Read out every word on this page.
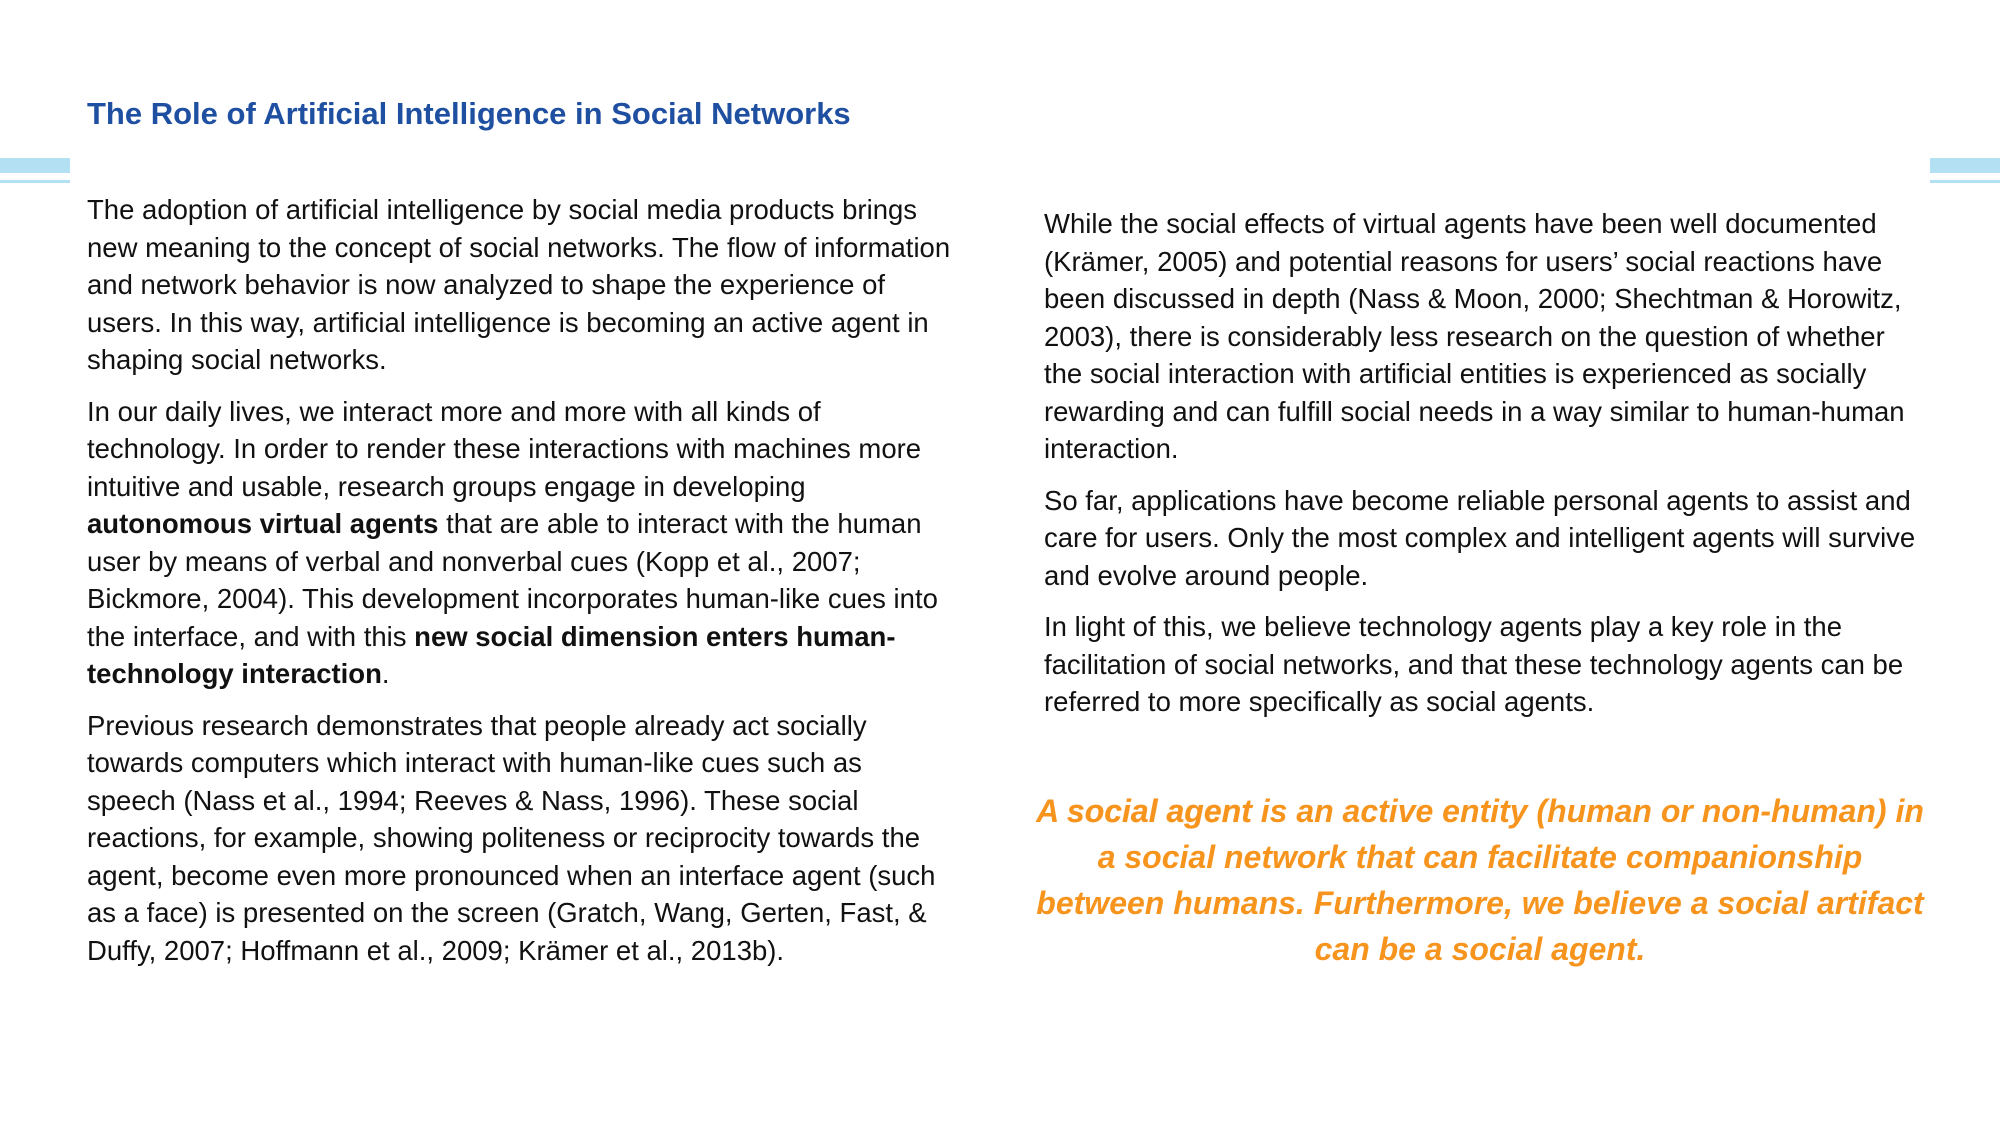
The Role of Artificial Intelligence in Social Networks

The adoption of artificial intelligence by social media products brings new meaning to the concept of social networks. The flow of information and network behavior is now analyzed to shape the experience of users. In this way, artificial intelligence is becoming an active agent in shaping social networks.

In our daily lives, we interact more and more with all kinds of technology. In order to render these interactions with machines more intuitive and usable, research groups engage in developing autonomous virtual agents that are able to interact with the human user by means of verbal and nonverbal cues (Kopp et al., 2007; Bickmore, 2004). This development incorporates human-like cues into the interface, and with this new social dimension enters human-technology interaction.

Previous research demonstrates that people already act socially towards computers which interact with human-like cues such as speech (Nass et al., 1994; Reeves & Nass, 1996). These social reactions, for example, showing politeness or reciprocity towards the agent, become even more pronounced when an interface agent (such as a face) is presented on the screen (Gratch, Wang, Gerten, Fast, & Duffy, 2007; Hoffmann et al., 2009; Krämer et al., 2013b).

While the social effects of virtual agents have been well documented (Krämer, 2005) and potential reasons for users’ social reactions have been discussed in depth (Nass & Moon, 2000; Shechtman & Horowitz, 2003), there is considerably less research on the question of whether the social interaction with artificial entities is experienced as socially rewarding and can fulfill social needs in a way similar to human-human interaction.

So far, applications have become reliable personal agents to assist and care for users. Only the most complex and intelligent agents will survive and evolve around people.

In light of this, we believe technology agents play a key role in the facilitation of social networks, and that these technology agents can be referred to more specifically as social agents.

A social agent is an active entity (human or non-human) in a social network that can facilitate companionship between humans. Furthermore, we believe a social artifact can be a social agent.
